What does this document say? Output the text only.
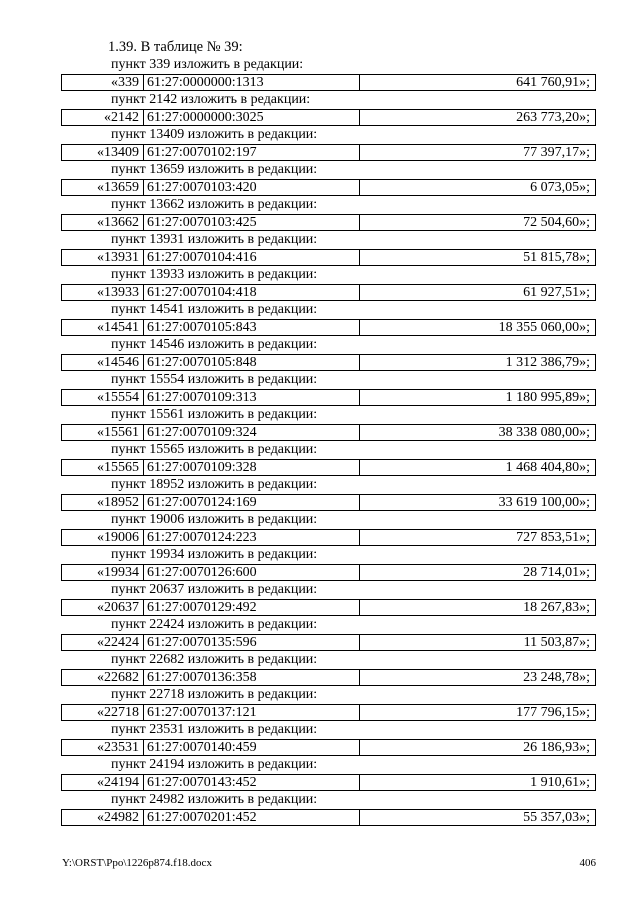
1.39. В таблице № 39:
пункт 339 изложить в редакции:
«339 61:27:0000000:1313	641 760,91»;
пункт 2142 изложить в редакции:
«2142 61:27:0000000:3025	263 773,20»;
пункт 13409 изложить в редакции:
«13409 61:27:0070102:197	77 397,17»;
пункт 13659 изложить в редакции:
«13659 61:27:0070103:420	6 073,05»;
пункт 13662 изложить в редакции:
«13662 61:27:0070103:425	72 504,60»;
пункт 13931 изложить в редакции:
«13931 61:27:0070104:416	51 815,78»;
пункт 13933 изложить в редакции:
«13933 61:27:0070104:418	61 927,51»;
пункт 14541 изложить в редакции:
«14541 61:27:0070105:843	18 355 060,00»;
пункт 14546 изложить в редакции:
«14546 61:27:0070105:848	1 312 386,79»;
пункт 15554 изложить в редакции:
«15554 61:27:0070109:313	1 180 995,89»;
пункт 15561 изложить в редакции:
«15561 61:27:0070109:324	38 338 080,00»;
пункт 15565 изложить в редакции:
«15565 61:27:0070109:328	1 468 404,80»;
пункт 18952 изложить в редакции:
«18952 61:27:0070124:169	33 619 100,00»;
пункт 19006 изложить в редакции:
«19006 61:27:0070124:223	727 853,51»;
пункт 19934 изложить в редакции:
«19934 61:27:0070126:600	28 714,01»;
пункт 20637 изложить в редакции:
«20637 61:27:0070129:492	18 267,83»;
пункт 22424 изложить в редакции:
«22424 61:27:0070135:596	11 503,87»;
пункт 22682 изложить в редакции:
«22682 61:27:0070136:358	23 248,78»;
пункт 22718 изложить в редакции:
«22718 61:27:0070137:121	177 796,15»;
пункт 23531 изложить в редакции:
«23531 61:27:0070140:459	26 186,93»;
пункт 24194 изложить в редакции:
«24194 61:27:0070143:452	1 910,61»;
пункт 24982 изложить в редакции:
«24982 61:27:0070201:452	55 357,03»;
Y:\ORST\Ppo\1226p874.f18.docx	406
